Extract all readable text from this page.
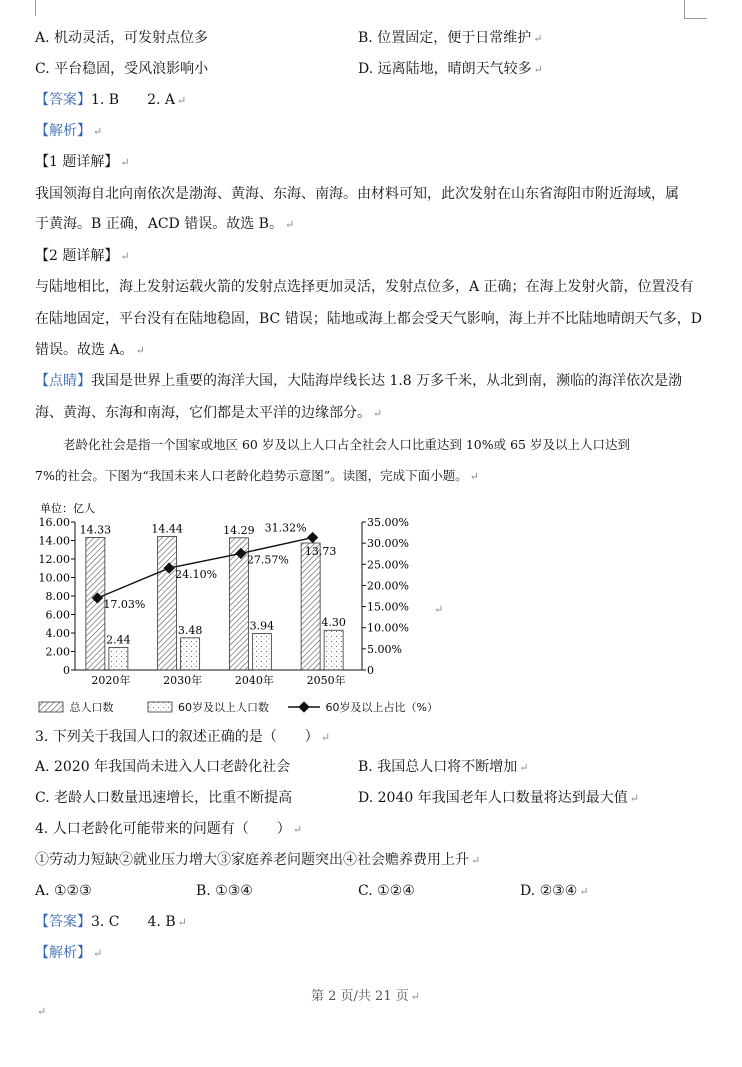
A. 机动灵活，可发射点位多	B. 位置固定，便于日常维护 ↵
C. 平台稳固，受风浪影响小	D. 远离陆地，晴朗天气较多 ↵
【答案】1. B　　2. A ↵
【解析】 ↵
【1 题详解】 ↵
我国领海自北向南依次是渤海、黄海、东海、南海。由材料可知，此次发射在山东省海阳市附近海域，属
于黄海。B 正确，ACD 错误。故选 B。 ↵
【2 题详解】 ↵
与陆地相比，海上发射运载火箭的发射点选择更加灵活，发射点位多，A 正确；在海上发射火箭，位置没有
在陆地固定，平台没有在陆地稳固，BC 错误；陆地或海上都会受天气影响，海上并不比陆地晴朗天气多，D
错误。故选 A。 ↵
【点睛】我国是世界上重要的海洋大国，大陆海岸线长达 1.8 万多千米，从北到南，濒临的海洋依次是渤
海、黄海、东海和南海，它们都是太平洋的边缘部分。 ↵
老龄化社会是指一个国家或地区 60 岁及以上人口占全社会人口比重达到 10%或 65 岁及以上人口达到
7%的社会。下图为“我国未来人口老龄化趋势示意图”。读图，完成下面小题。 ↵
单位：亿人
0
2.00
4.00
6.00
8.00
10.00
12.00
14.00
16.00
0
5.00%
10.00%
15.00%
20.00%
25.00%
30.00%
35.00%
14.33
2.44
2020年
14.44
3.48
2030年
14.29
3.94
2040年
13.73
4.30
2050年
17.03%
24.10%
27.57%
31.32%
↵
总人口数	60岁及以上人口数	60岁及以上占比（%）
3. 下列关于我国人口的叙述正确的是（　　） ↵
A. 2020 年我国尚未进入人口老龄化社会	B. 我国总人口将不断增加 ↵
C. 老龄人口数量迅速增长，比重不断提高	D. 2040 年我国老年人口数量将达到最大值 ↵
4. 人口老龄化可能带来的问题有（　　） ↵
①劳动力短缺②就业压力增大③家庭养老问题突出④社会赡养费用上升 ↵
A. ①②③	B. ①③④	C. ①②④	D. ②③④ ↵
【答案】3. C　　4. B ↵
【解析】 ↵
第 2 页/共 21 页 ↵
↵
